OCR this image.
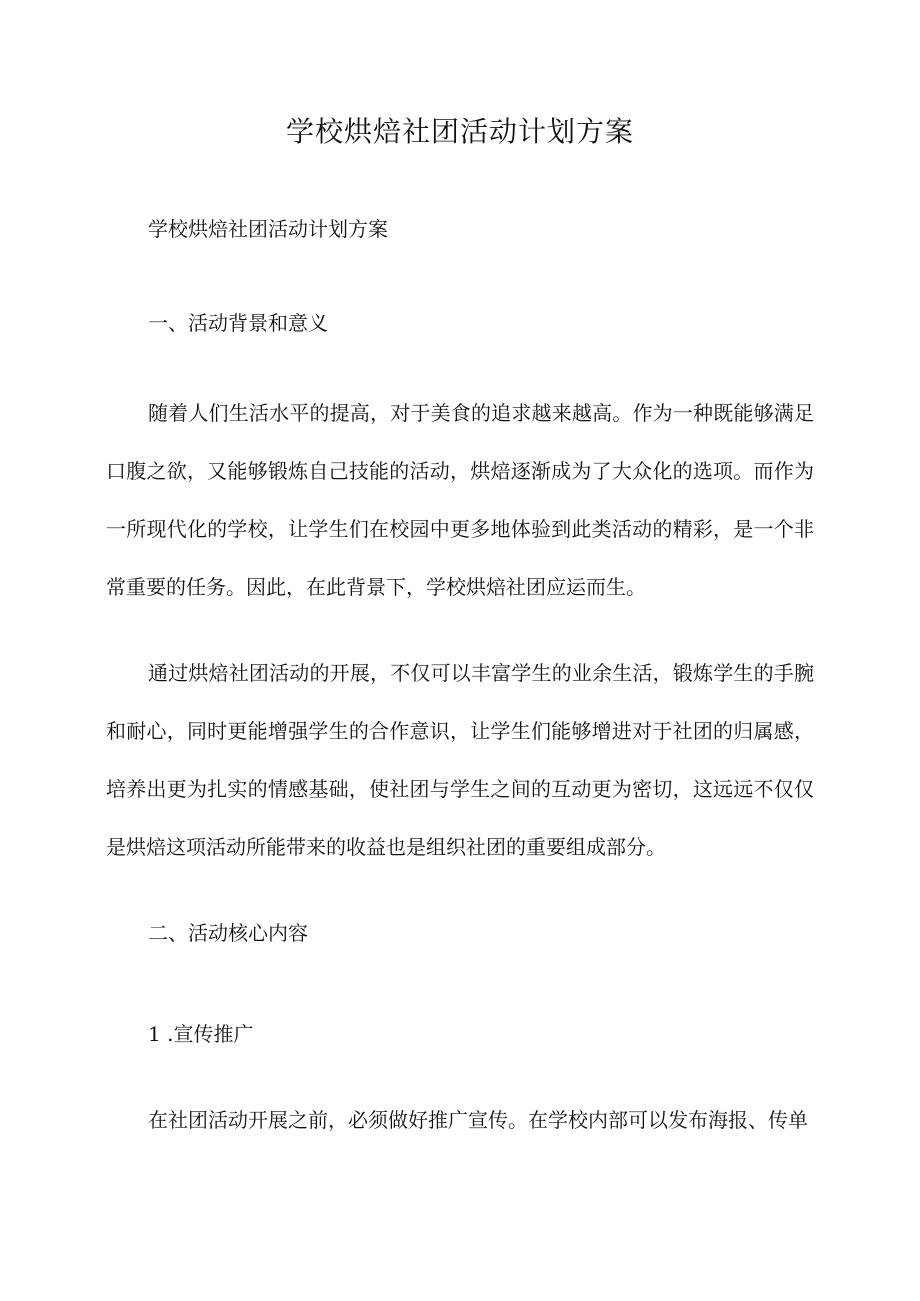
学校烘焙社团活动计划方案
学校烘焙社团活动计划方案
一、活动背景和意义
随着人们生活水平的提高，对于美食的追求越来越高。作为一种既能够满足口腹之欲，又能够锻炼自己技能的活动，烘焙逐渐成为了大众化的选项。而作为一所现代化的学校，让学生们在校园中更多地体验到此类活动的精彩，是一个非常重要的任务。因此，在此背景下，学校烘焙社团应运而生。
通过烘焙社团活动的开展，不仅可以丰富学生的业余生活，锻炼学生的手腕和耐心，同时更能增强学生的合作意识，让学生们能够增进对于社团的归属感，培养出更为扎实的情感基础，使社团与学生之间的互动更为密切，这远远不仅仅是烘焙这项活动所能带来的收益也是组织社团的重要组成部分。
二、活动核心内容
1 .宣传推广
在社团活动开展之前，必须做好推广宣传。在学校内部可以发布海报、传单
